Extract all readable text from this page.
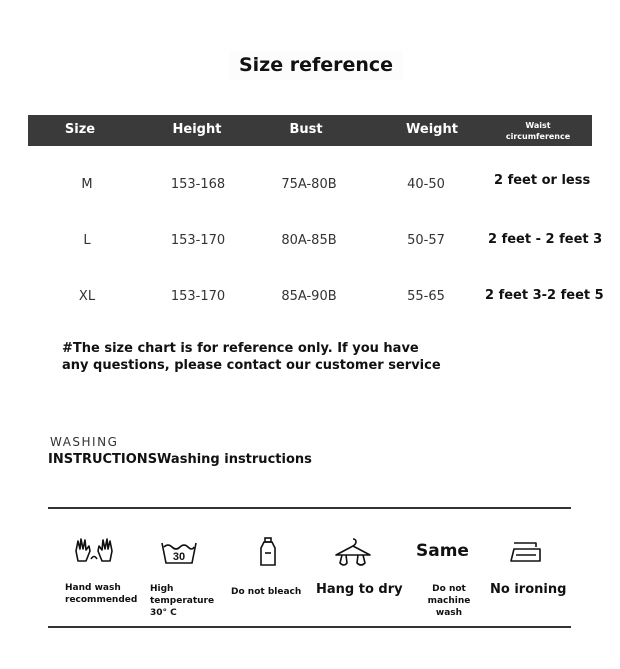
Size reference
Size	Height	Bust	Weight	Waist circumference
M	153-168	75A-80B	40-50	2 feet or less
L	153-170	80A-85B	50-57	2 feet - 2 feet 3
XL	153-170	85A-90B	55-65	2 feet 3-2 feet 5
#The size chart is for reference only. If you have any questions, please contact our customer service
WASHING
INSTRUCTIONSWashing instructions
Hand wash recommended
30
High temperature 30° C
Do not bleach Hang to dry
Same
Do not machine wash
No ironing
